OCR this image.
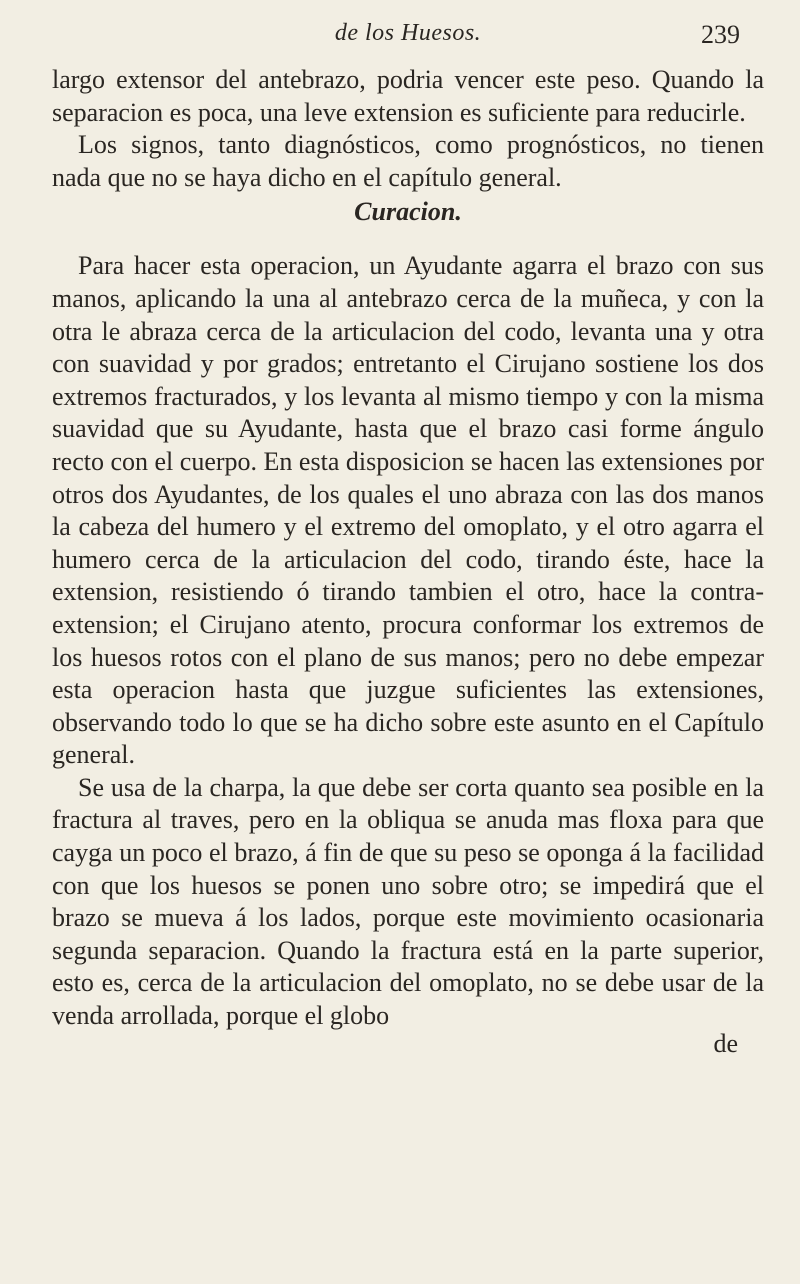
de los Huesos.	239

largo extensor del antebrazo, podria vencer este peso. Quando la separacion es poca, una leve extension es suficiente para reducirle.

Los signos, tanto diagnósticos, como prognósticos, no tienen nada que no se haya dicho en el capítulo general.

Curacion.

Para hacer esta operacion, un Ayudante agarra el brazo con sus manos, aplicando la una al antebrazo cerca de la muñeca, y con la otra le abraza cerca de la articulacion del codo, levanta una y otra con suavidad y por grados; entretanto el Cirujano sostiene los dos extremos fracturados, y los levanta al mismo tiempo y con la misma suavidad que su Ayudante, hasta que el brazo casi forme ángulo recto con el cuerpo. En esta disposicion se hacen las extensiones por otros dos Ayudantes, de los quales el uno abraza con las dos manos la cabeza del humero y el extremo del omoplato, y el otro agarra el humero cerca de la articulacion del codo, tirando éste, hace la extension, resistiendo ó tirando tambien el otro, hace la contra-extension; el Cirujano atento, procura conformar los extremos de los huesos rotos con el plano de sus manos; pero no debe empezar esta operacion hasta que juzgue suficientes las extensiones, observando todo lo que se ha dicho sobre este asunto en el Capítulo general.

Se usa de la charpa, la que debe ser corta quanto sea posible en la fractura al traves, pero en la obliqua se anuda mas floxa para que cayga un poco el brazo, á fin de que su peso se oponga á la facilidad con que los huesos se ponen uno sobre otro; se impedirá que el brazo se mueva á los lados, porque este movimiento ocasionaria segunda separacion. Quando la fractura está en la parte superior, esto es, cerca de la articulacion del omoplato, no se debe usar de la venda arrollada, porque el globo

de
